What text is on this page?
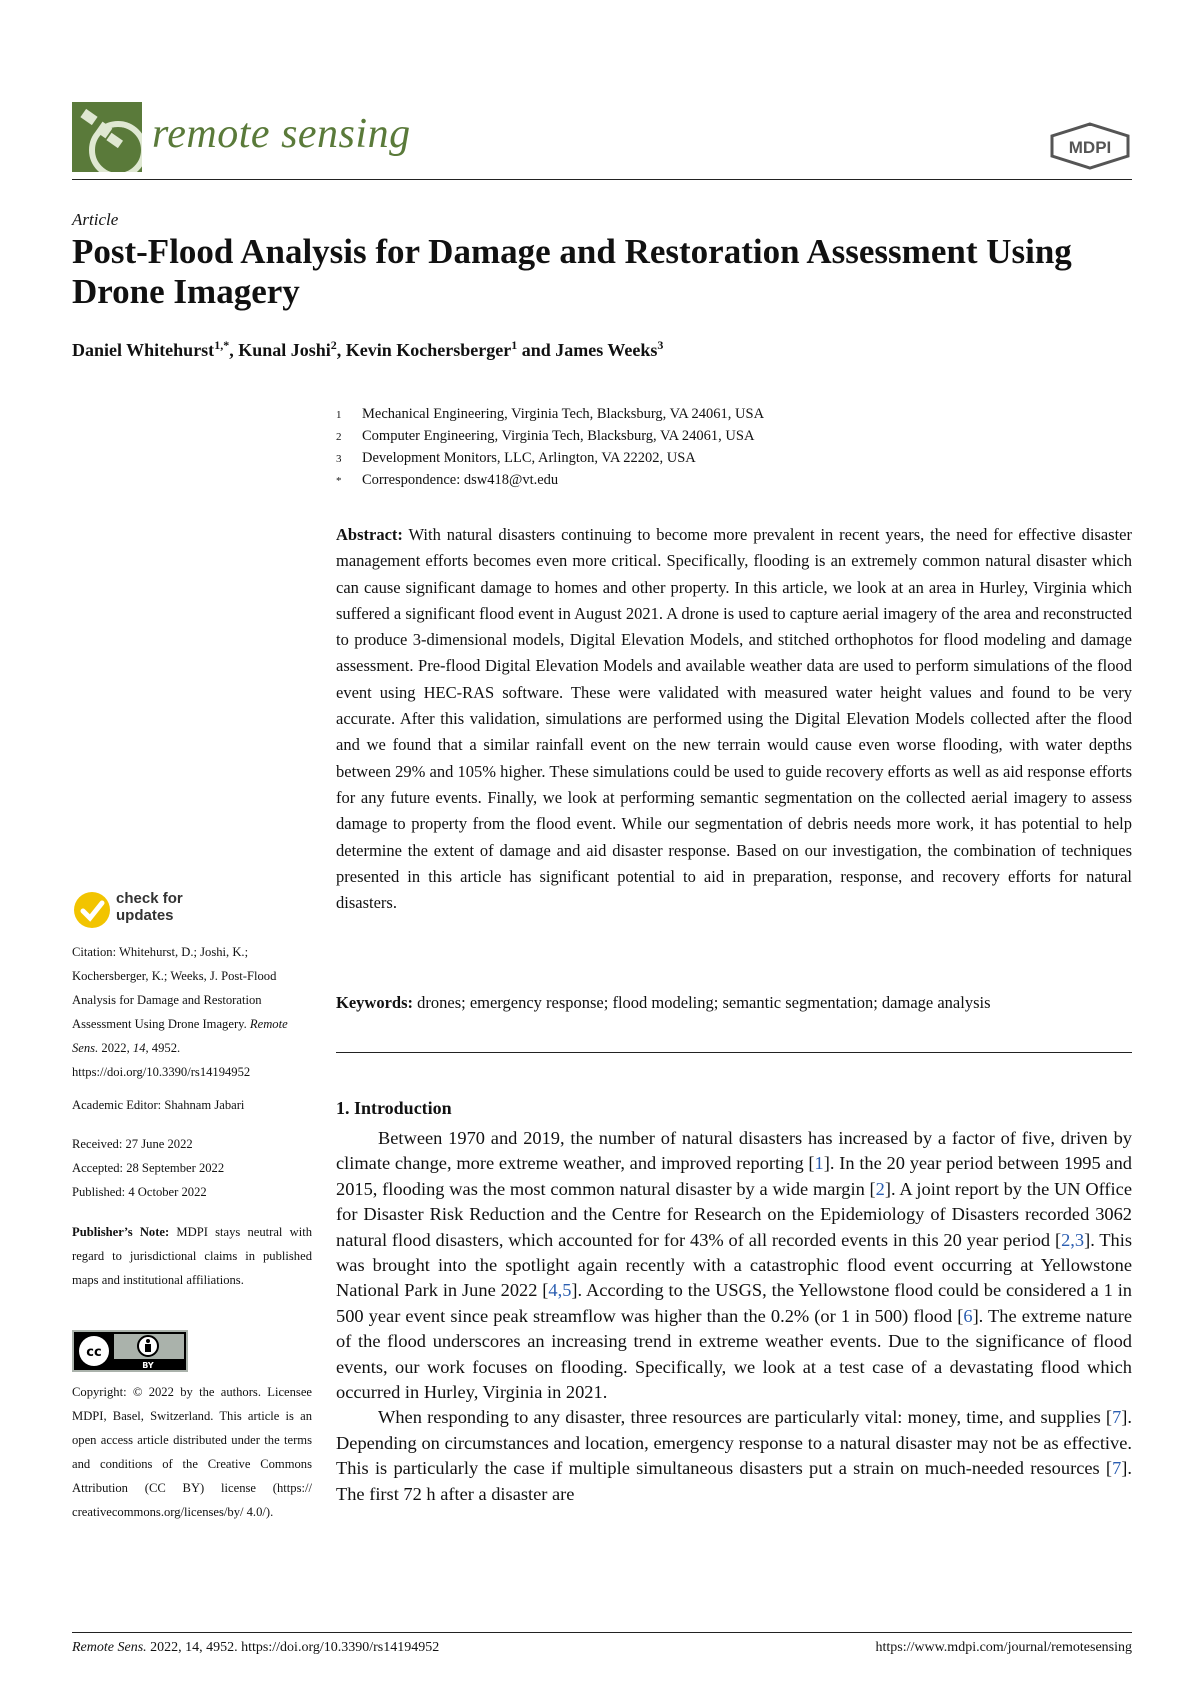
remote sensing	MDPI
Article
Post-Flood Analysis for Damage and Restoration Assessment Using Drone Imagery
Daniel Whitehurst$^{1,*}$, Kunal Joshi$^2$, Kevin Kochersberger$^1$ and James Weeks$^3$
1	Mechanical Engineering, Virginia Tech, Blacksburg, VA 24061, USA
2	Computer Engineering, Virginia Tech, Blacksburg, VA 24061, USA
3	Development Monitors, LLC, Arlington, VA 22202, USA
*	Correspondence: dsw418@vt.edu
Abstract: With natural disasters continuing to become more prevalent in recent years, the need for effective disaster management efforts becomes even more critical. Specifically, flooding is an extremely common natural disaster which can cause significant damage to homes and other property. In this article, we look at an area in Hurley, Virginia which suffered a significant flood event in August 2021. A drone is used to capture aerial imagery of the area and reconstructed to produce 3-dimensional models, Digital Elevation Models, and stitched orthophotos for flood modeling and damage assessment. Pre-flood Digital Elevation Models and available weather data are used to perform simulations of the flood event using HEC-RAS software. These were validated with measured water height values and found to be very accurate. After this validation, simulations are performed using the Digital Elevation Models collected after the flood and we found that a similar rainfall event on the new terrain would cause even worse flooding, with water depths between 29% and 105% higher. These simulations could be used to guide recovery efforts as well as aid response efforts for any future events. Finally, we look at performing semantic segmentation on the collected aerial imagery to assess damage to property from the flood event. While our segmentation of debris needs more work, it has potential to help determine the extent of damage and aid disaster response. Based on our investigation, the combination of techniques presented in this article has significant potential to aid in preparation, response, and recovery efforts for natural disasters.
Keywords: drones; emergency response; flood modeling; semantic segmentation; damage analysis
1. Introduction

Between 1970 and 2019, the number of natural disasters has increased by a factor of five, driven by climate change, more extreme weather, and improved reporting [1]. In the 20 year period between 1995 and 2015, flooding was the most common natural disaster by a wide margin [2]. A joint report by the UN Office for Disaster Risk Reduction and the Centre for Research on the Epidemiology of Disasters recorded 3062 natural flood disasters, which accounted for for 43% of all recorded events in this 20 year period [2,3]. This was brought into the spotlight again recently with a catastrophic flood event occurring at Yellowstone National Park in June 2022 [4,5]. According to the USGS, the Yellowstone flood could be considered a 1 in 500 year event since peak streamflow was higher than the 0.2% (or 1 in 500) flood [6]. The extreme nature of the flood underscores an increasing trend in extreme weather events. Due to the significance of flood events, our work focuses on flooding. Specifically, we look at a test case of a devastating flood which occurred in Hurley, Virginia in 2021.

When responding to any disaster, three resources are particularly vital: money, time, and supplies [7]. Depending on circumstances and location, emergency response to a natural disaster may not be as effective. This is particularly the case if multiple simultaneous disasters put a strain on much-needed resources [7]. The first 72 h after a disaster are

check for
updates
Citation: Whitehurst, D.; Joshi, K.; Kochersberger, K.; Weeks, J. Post-Flood Analysis for Damage and Restoration Assessment Using Drone Imagery. Remote Sens. 2022, 14, 4952. https://doi.org/10.3390/rs14194952
Academic Editor: Shahnam Jabari

Received: 27 June 2022

Accepted: 28 September 2022

Published: 4 October 2022

Publisher’s Note: MDPI stays neutral with regard to jurisdictional claims in published maps and institutional affiliations.
cc
BY
Copyright: © 2022 by the authors. Licensee MDPI, Basel, Switzerland. This article is an open access article distributed under the terms and conditions of the Creative Commons Attribution (CC BY) license (https:// creativecommons.org/licenses/by/ 4.0/).
Remote Sens. 2022, 14, 4952. https://doi.org/10.3390/rs14194952	https://www.mdpi.com/journal/remotesensing
